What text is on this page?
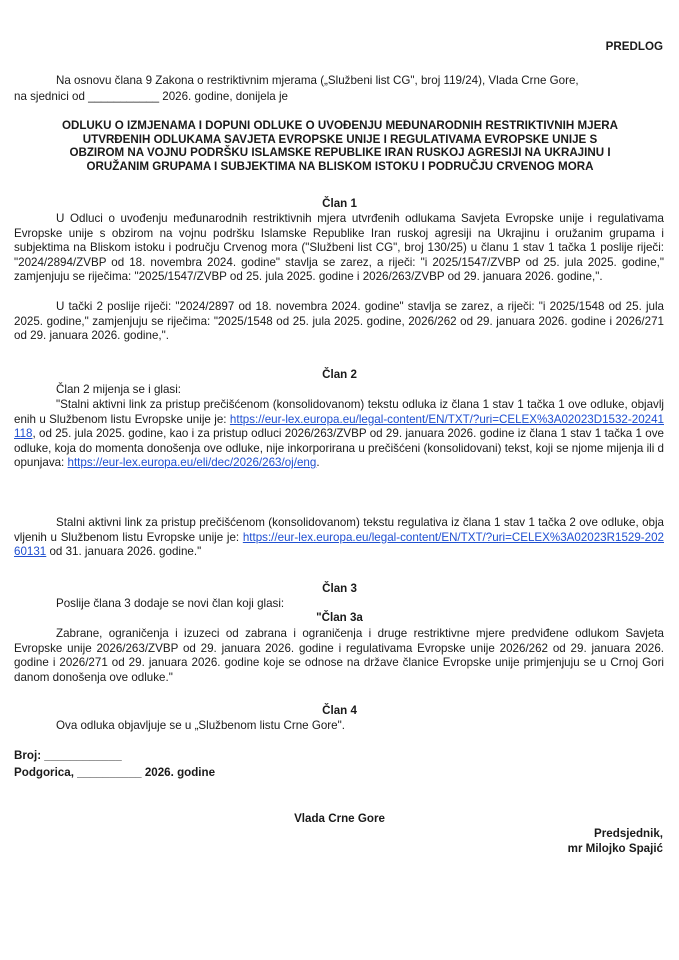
PREDLOG
Na osnovu člana 9 Zakona o restriktivnim mjerama („Službeni list CG", broj 119/24), Vlada Crne Gore,
na sjednici od ___________ 2026. godine, donijela je
ODLUKU O IZMJENAMA I DOPUNI ODLUKE O UVOĐENJU MEĐUNARODNIH RESTRIKTIVNIH MJERA
UTVRĐENIH ODLUKAMA SAVJETA EVROPSKE UNIJE I REGULATIVAMA EVROPSKE UNIJE S
OBZIROM NA VOJNU PODRŠKU ISLAMSKE REPUBLIKE IRAN RUSKOJ AGRESIJI NA UKRAJINU I
ORUŽANIM GRUPAMA I SUBJEKTIMA NA BLISKOM ISTOKU I PODRUČJU CRVENOG MORA
Član 1
U Odluci o uvođenju međunarodnih restriktivnih mjera utvrđenih odlukama Savjeta Evropske unije i regulativama Evropske unije s obzirom na vojnu podršku Islamske Republike Iran ruskoj agresiji na Ukrajinu i oružanim grupama i subjektima na Bliskom istoku i području Crvenog mora ("Službeni list CG", broj 130/25) u članu 1 stav 1 tačka 1 poslije riječi: "2024/2894/ZVBP od 18. novembra 2024. godine" stavlja se zarez, a riječi: "i 2025/1547/ZVBP od 25. jula 2025. godine," zamjenjuju se riječima: "2025/1547/ZVBP od 25. jula 2025. godine i 2026/263/ZVBP od 29. januara 2026. godine,".
U tački 2 poslije riječi: "2024/2897 od 18. novembra 2024. godine" stavlja se zarez, a riječi: "i 2025/1548 od 25. jula 2025. godine," zamjenjuju se riječima: "2025/1548 od 25. jula 2025. godine, 2026/262 od 29. januara 2026. godine i 2026/271 od 29. januara 2026. godine,".
Član 2
Član 2 mijenja se i glasi:
"Stalni aktivni link za pristup prečišćenom (konsolidovanom) tekstu odluka iz člana 1 stav 1 tačka 1 ove odluke, objavljenih u Službenom listu Evropske unije je: https://eur-lex.europa.eu/legal-content/EN/TXT/?uri=CELEX%3A02023D1532-20241118, od 25. jula 2025. godine, kao i za pristup odluci 2026/263/ZVBP od 29. januara 2026. godine iz člana 1 stav 1 tačka 1 ove odluke, koja do momenta donošenja ove odluke, nije inkorporirana u prečišćeni (konsolidovani) tekst, koji se njome mijenja ili dopunjava: https://eur-lex.europa.eu/eli/dec/2026/263/oj/eng.
Stalni aktivni link za pristup prečišćenom (konsolidovanom) tekstu regulativa iz člana 1 stav 1 tačka 2 ove odluke, objavljenih u Službenom listu Evropske unije je: https://eur-lex.europa.eu/legal-content/EN/TXT/?uri=CELEX%3A02023R1529-20260131 od 31. januara 2026. godine."
Član 3
Poslije člana 3 dodaje se novi član koji glasi:
"Član 3a
Zabrane, ograničenja i izuzeci od zabrana i ograničenja i druge restriktivne mjere predviđene odlukom Savjeta Evropske unije 2026/263/ZVBP od 29. januara 2026. godine i regulativama Evropske unije 2026/262 od 29. januara 2026. godine i 2026/271 od 29. januara 2026. godine koje se odnose na države članice Evropske unije primjenjuju se u Crnoj Gori danom donošenja ove odluke."
Član 4
Ova odluka objavljuje se u „Službenom listu Crne Gore".
Broj: ____________
Podgorica, __________ 2026. godine
Vlada Crne Gore
Predsjednik,
mr Milojko Spajić
